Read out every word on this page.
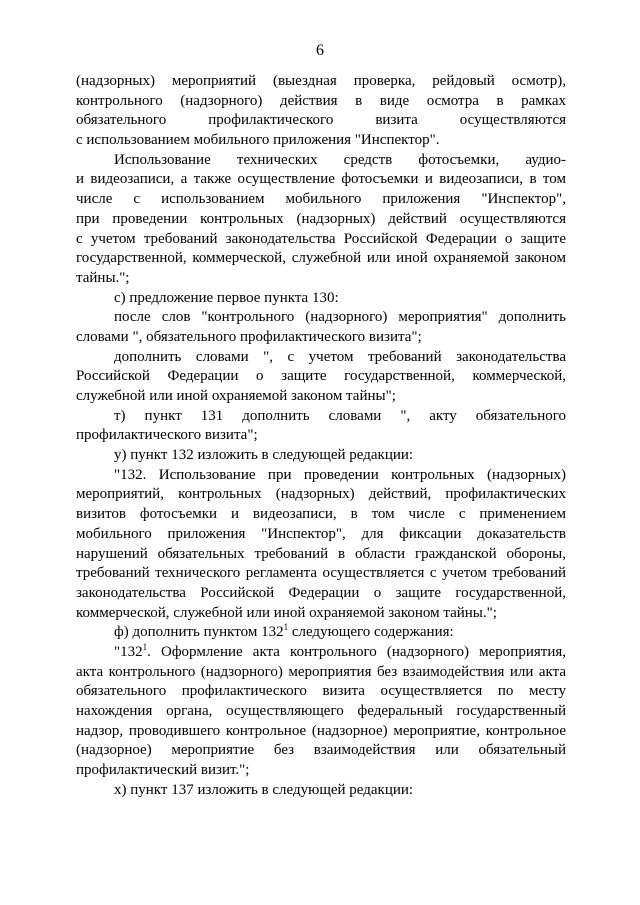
6
(надзорных) мероприятий (выездная проверка, рейдовый осмотр),
контрольного (надзорного) действия в виде осмотра в рамках
обязательного профилактического визита осуществляются
с использованием мобильного приложения "Инспектор".
Использование технических средств фотосъемки, аудио-
и видеозаписи, а также осуществление фотосъемки и видеозаписи, в том
числе с использованием мобильного приложения "Инспектор",
при проведении контрольных (надзорных) действий осуществляются
с учетом требований законодательства Российской Федерации о защите
государственной, коммерческой, служебной или иной охраняемой законом
тайны.";
с) предложение первое пункта 130:
после слов "контрольного (надзорного) мероприятия" дополнить
словами ", обязательного профилактического визита";
дополнить словами ", с учетом требований законодательства
Российской Федерации о защите государственной, коммерческой,
служебной или иной охраняемой законом тайны";
т) пункт 131 дополнить словами ", акту обязательного
профилактического визита";
у) пункт 132 изложить в следующей редакции:
"132. Использование при проведении контрольных (надзорных)
мероприятий, контрольных (надзорных) действий, профилактических
визитов фотосъемки и видеозаписи, в том числе с применением
мобильного приложения "Инспектор", для фиксации доказательств
нарушений обязательных требований в области гражданской обороны,
требований технического регламента осуществляется с учетом требований
законодательства Российской Федерации о защите государственной,
коммерческой, служебной или иной охраняемой законом тайны.";
ф) дополнить пунктом $132^1$ следующего содержания:
"$132^1$. Оформление акта контрольного (надзорного) мероприятия,
акта контрольного (надзорного) мероприятия без взаимодействия или акта
обязательного профилактического визита осуществляется по месту
нахождения органа, осуществляющего федеральный государственный
надзор, проводившего контрольное (надзорное) мероприятие, контрольное
(надзорное) мероприятие без взаимодействия или обязательный
профилактический визит.";
х) пункт 137 изложить в следующей редакции:
